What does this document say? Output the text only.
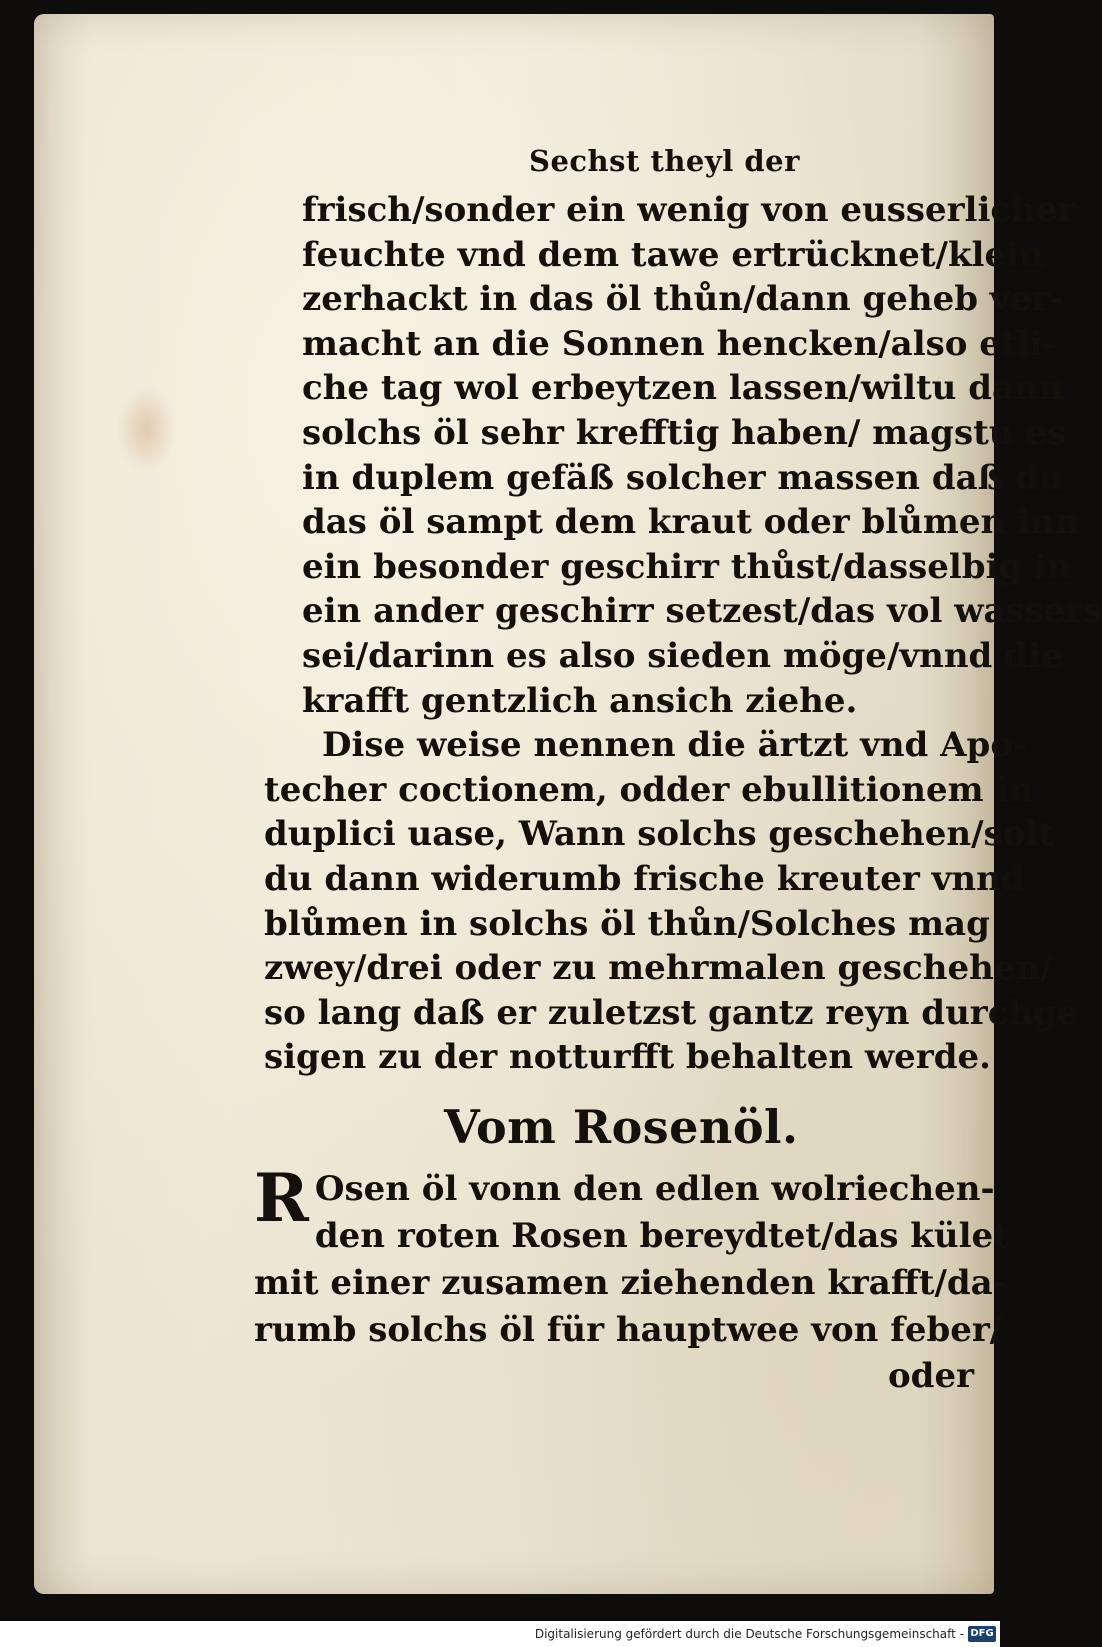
Sechst theyl der

frisch/sonder ein wenig von eusserlicher
feuchte vnd dem tawe ertrücknet/klein
zerhackt in das öl thůn/dann geheb ver-
macht an die Sonnen hencken/also etli-
che tag wol erbeytzen lassen/wiltu dann
solchs öl sehr krefftig haben/ magstu es
in duplem gefäß solcher massen daß du
das öl sampt dem kraut oder blůmen inn
ein besonder geschirr thůst/dasselbig in
ein ander geschirr setzest/das vol wassers
sei/darinn es also sieden möge/vnnd die
krafft gentzlich ansich ziehe.

Dise weise nennen die ärtzt vnd Apo-
techer coctionem, odder ebullitionem in
duplici uase, Wann solchs geschehen/solt
du dann widerumb frische kreuter vnnd
blůmen in solchs öl thůn/Solches mag
zwey/drei oder zu mehrmalen geschehen/
so lang daß er zuletzst gantz reyn durchge
sigen zu der notturfft behalten werde.

Vom Rosenöl.
R Osen öl vonn den edlen wolriechen-
den roten Rosen bereydtet/das kület
mit einer zusamen ziehenden krafft/da-
rumb solchs öl für hauptwee von feber/
oder
Digitalisierung gefördert durch die Deutsche Forschungsgemeinschaft - DFG
